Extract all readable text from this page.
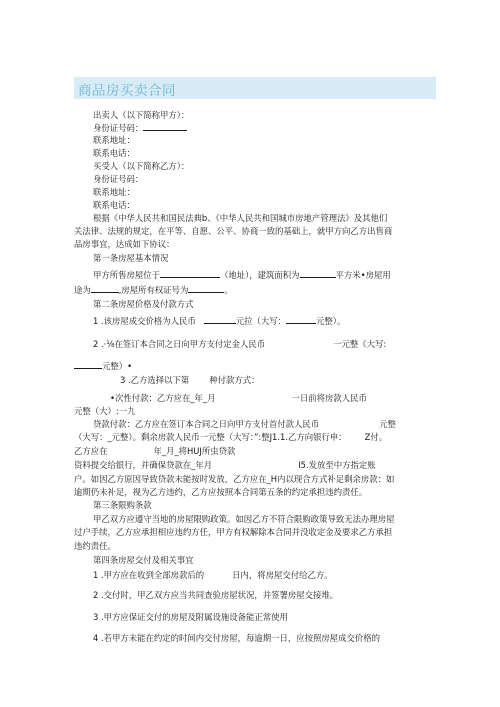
商品房买卖合同
出卖人（以下简称甲方）：
身份证号码：
联系地址：
联系电话：
买受人（以下简称乙方）：
身份证号码：
联系地址：
联系电话：
根据《中华人民共和国民法典b、《中华人民共和国城市房地产管理法》及其他们
关法律、法规的规定，在平等、自愿、公平、协商一致的基础上，就甲方向乙方出售商
品房事宜，达成如下协议：
第一条房屋基本情况
甲方所售房屋位于	（地址），建筑面积为	平方米•房屋用
途为	,房屋所有权证号为	。
第二条房屋价格及付款方式
1 .该房屋成交价格为人民币	元拉（大写：	元整）。
2 .·⅛在签订本合同之日向甲方支付定金人民币	一元整《大写:
元整）•
3 .乙方选择以下第 种付款方式：
•次性付款：乙方应在_年_月	一日前将房款人民币
元整（大）:一九
贷款付款：乙方应在签订本合同之日向甲方支付首付款人民币	元整
（大写：_元整）。剩余房款人民币一元整（大写：”:整J1.1.乙方向银行申： Z付。
乙方应在	年_月_将HUJ所虫贷款
资料提交给银行，并确保贷款在_年月	I5.发放至中方指定账
户。如因乙方原因导致贷款未能按时发放，乙方应在_H内以现合方式补足剩余房款：如
逾期仍未补足，视为乙方违约，乙方应按照本合同第五条的约定承担违约责任。
第三条限购条款
甲乙双方应遵守当地的房屋限购政策。如因乙方不符合限购政策导致无法办理房屋
过户手续，乙方应承担相应违约方任，甲方有权解除本合同并没收定金及要求乙方承担
违约责任。
第四条房屋交付及相关事宜
1 .甲方应在收到全部房款后的	日内，将房屋交付给乙方。
2 .交付时，甲乙双方应当共同查验房屋状况，并签署房屋交接堆。
3 .甲方应保证交付的房屋及附属设施设备能正常使用
4 .若甲方未能在约定的时间内交付房屋，每逾期一日，应按照房屋成交价格的
